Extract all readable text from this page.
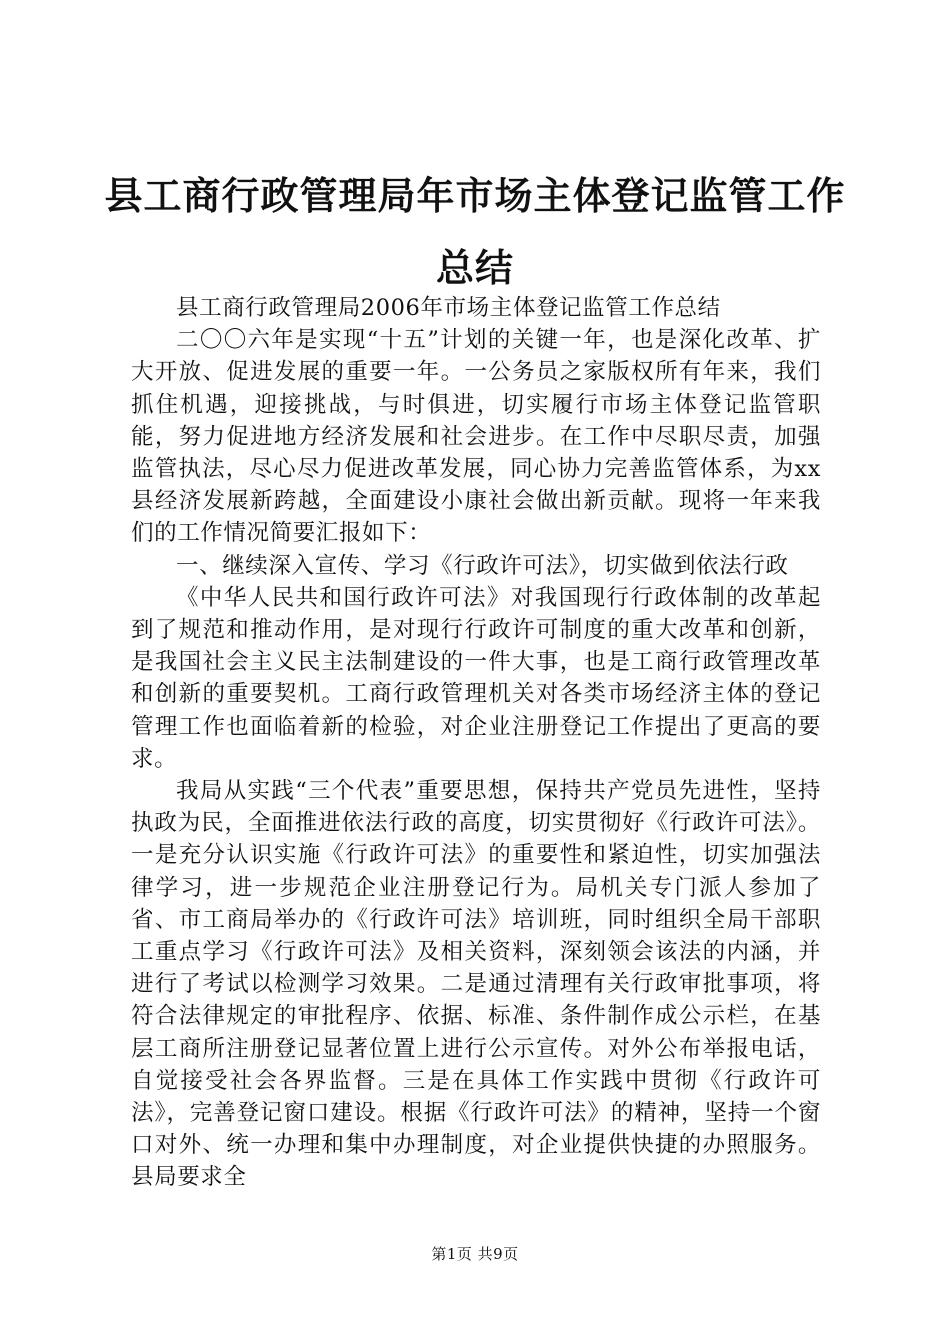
县工商行政管理局年市场主体登记监管工作总结

县工商行政管理局2006年市场主体登记监管工作总结

二〇〇六年是实现“十五”计划的关键一年，也是深化改革、扩大开放、促进发展的重要一年。一公务员之家版权所有年来，我们抓住机遇，迎接挑战，与时俱进，切实履行市场主体登记监管职能，努力促进地方经济发展和社会进步。在工作中尽职尽责，加强监管执法，尽心尽力促进改革发展，同心协力完善监管体系，为xx县经济发展新跨越，全面建设小康社会做出新贡献。现将一年来我们的工作情况简要汇报如下：

一、继续深入宣传、学习《行政许可法》，切实做到依法行政

《中华人民共和国行政许可法》对我国现行行政体制的改革起到了规范和推动作用，是对现行行政许可制度的重大改革和创新，是我国社会主义民主法制建设的一件大事，也是工商行政管理改革和创新的重要契机。工商行政管理机关对各类市场经济主体的登记管理工作也面临着新的检验，对企业注册登记工作提出了更高的要求。

我局从实践“三个代表”重要思想，保持共产党员先进性，坚持执政为民，全面推进依法行政的高度，切实贯彻好《行政许可法》。一是充分认识实施《行政许可法》的重要性和紧迫性，切实加强法律学习，进一步规范企业注册登记行为。局机关专门派人参加了省、市工商局举办的《行政许可法》培训班，同时组织全局干部职工重点学习《行政许可法》及相关资料，深刻领会该法的内涵，并进行了考试以检测学习效果。二是通过清理有关行政审批事项，将符合法律规定的审批程序、依据、标准、条件制作成公示栏，在基层工商所注册登记显著位置上进行公示宣传。对外公布举报电话，自觉接受社会各界监督。三是在具体工作实践中贯彻《行政许可法》，完善登记窗口建设。根据《行政许可法》的精神，坚持一个窗口对外、统一办理和集中办理制度，对企业提供快捷的办照服务。县局要求全

第1页 共9页
